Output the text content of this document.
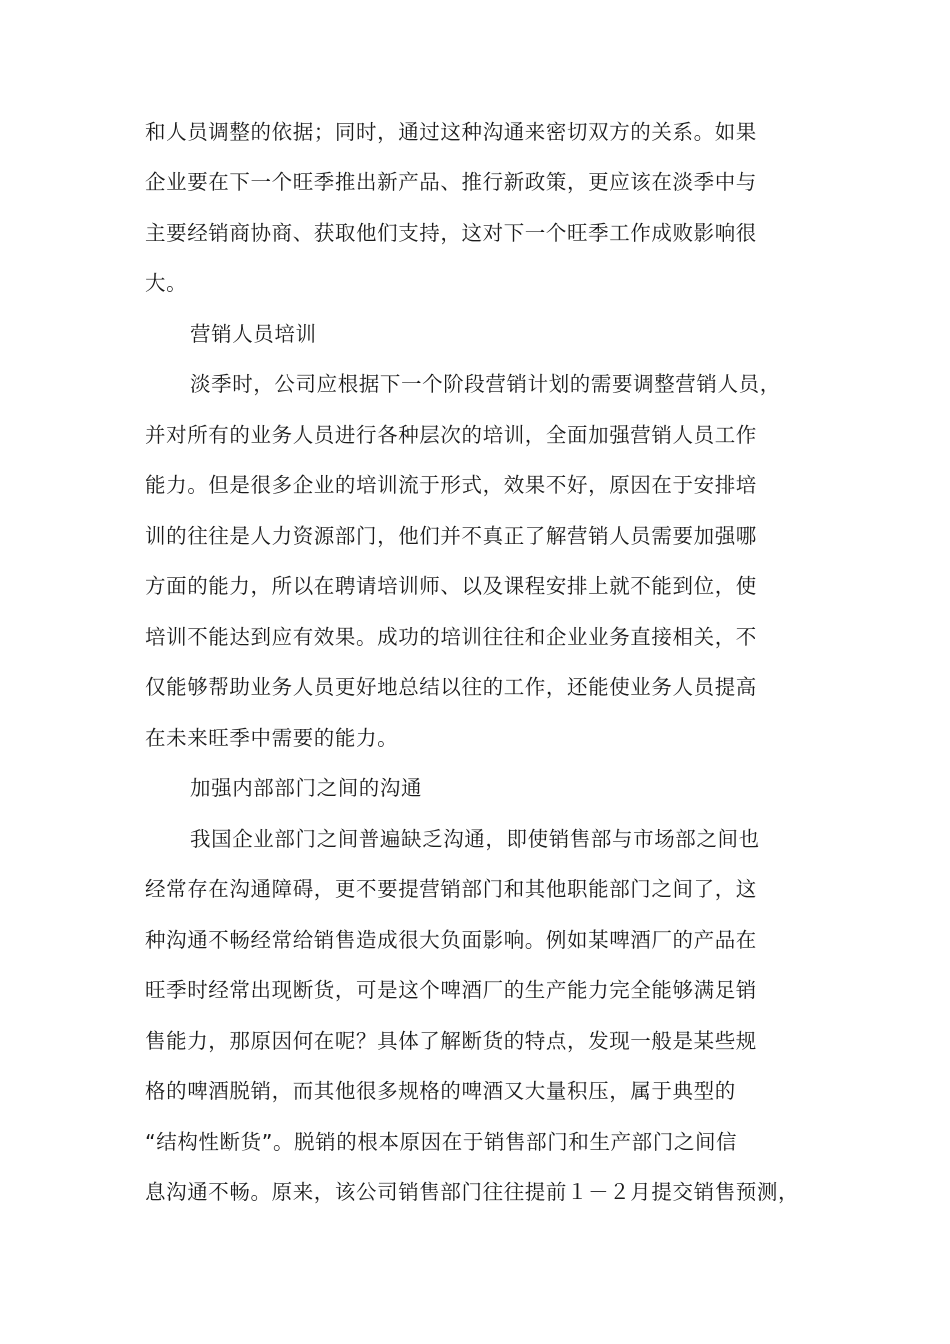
和人员调整的依据；同时，通过这种沟通来密切双方的关系。如果
企业要在下一个旺季推出新产品、推行新政策，更应该在淡季中与
主要经销商协商、获取他们支持，这对下一个旺季工作成败影响很
大。
营销人员培训
淡季时，公司应根据下一个阶段营销计划的需要调整营销人员，
并对所有的业务人员进行各种层次的培训，全面加强营销人员工作
能力。但是很多企业的培训流于形式，效果不好，原因在于安排培
训的往往是人力资源部门，他们并不真正了解营销人员需要加强哪
方面的能力，所以在聘请培训师、以及课程安排上就不能到位，使
培训不能达到应有效果。成功的培训往往和企业业务直接相关，不
仅能够帮助业务人员更好地总结以往的工作，还能使业务人员提高
在未来旺季中需要的能力。
加强内部部门之间的沟通
我国企业部门之间普遍缺乏沟通，即使销售部与市场部之间也
经常存在沟通障碍，更不要提营销部门和其他职能部门之间了，这
种沟通不畅经常给销售造成很大负面影响。例如某啤酒厂的产品在
旺季时经常出现断货，可是这个啤酒厂的生产能力完全能够满足销
售能力，那原因何在呢？具体了解断货的特点，发现一般是某些规
格的啤酒脱销，而其他很多规格的啤酒又大量积压，属于典型的
“结构性断货”。脱销的根本原因在于销售部门和生产部门之间信
息沟通不畅。原来，该公司销售部门往往提前１－２月提交销售预测，
